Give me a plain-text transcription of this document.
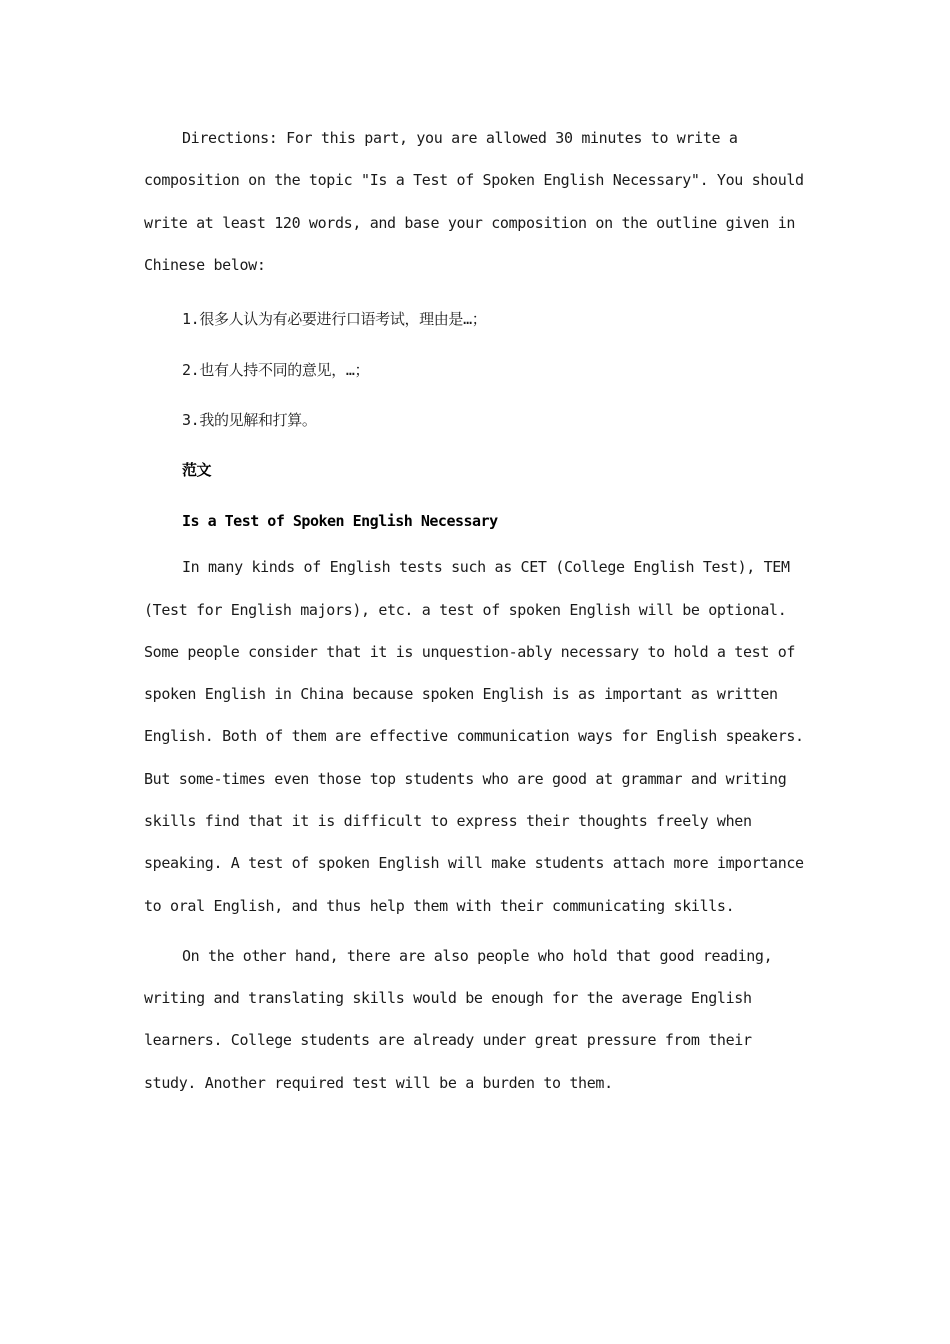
Directions: For this part, you are allowed 30 minutes to write a composition on the topic "Is a Test of Spoken English Necessary". You should write at least 120 words, and base your composition on the outline given in Chinese below:

1.很多人认为有必要进行口语考试，理由是…；

2.也有人持不同的意见，…；

3.我的见解和打算。

范文

Is a Test of Spoken English Necessary

In many kinds of English tests such as CET (College English Test), TEM (Test for English majors), etc. a test of spoken English will be optional. Some people consider that it is unquestion-ably necessary to hold a test of spoken English in China because spoken English is as important as written English. Both of them are effective communication ways for English speakers. But some-times even those top students who are good at grammar and writing skills find that it is difficult to express their thoughts freely when speaking. A test of spoken English will make students attach more importance to oral English, and thus help them with their communicating skills.

On the other hand, there are also people who hold that good reading, writing and translating skills would be enough for the average English learners. College students are already under great pressure from their study. Another required test will be a burden to them.
